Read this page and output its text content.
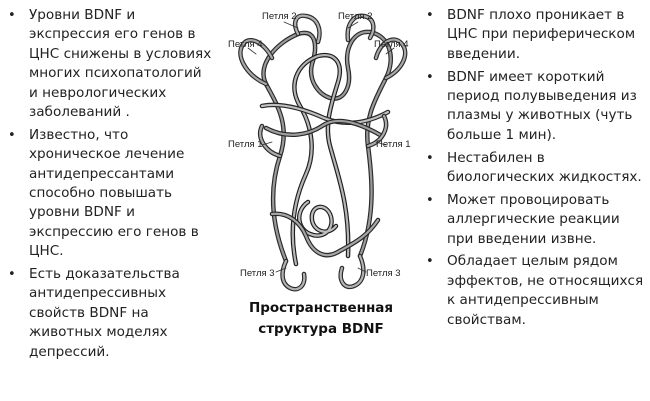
• Уровни BDNF и экспрессия его генов в ЦНС снижены в условиях многих психопатологий и неврологических заболеваний .
• Известно, что хроническое лечение антидепрессантами способно повышать уровни BDNF и экспрессию его генов в ЦНС.
• Есть доказательства антидепрессивных свойств BDNF на животных моделях депрессий.
Петля 2	Петля 2
Петля 4	Петля 4
Петля 1	Петля 1
Петля 3	Петля 3
Пространственная
структура BDNF
• BDNF плохо проникает в ЦНС при периферическом введении.
• BDNF имеет короткий период полувыведения из плазмы у животных (чуть больше 1 мин).
• Нестабилен в биологических жидкостях.
• Может провоцировать аллергические реакции при введении извне.
• Обладает целым рядом эффектов, не относящихся к антидепрессивным свойствам.
